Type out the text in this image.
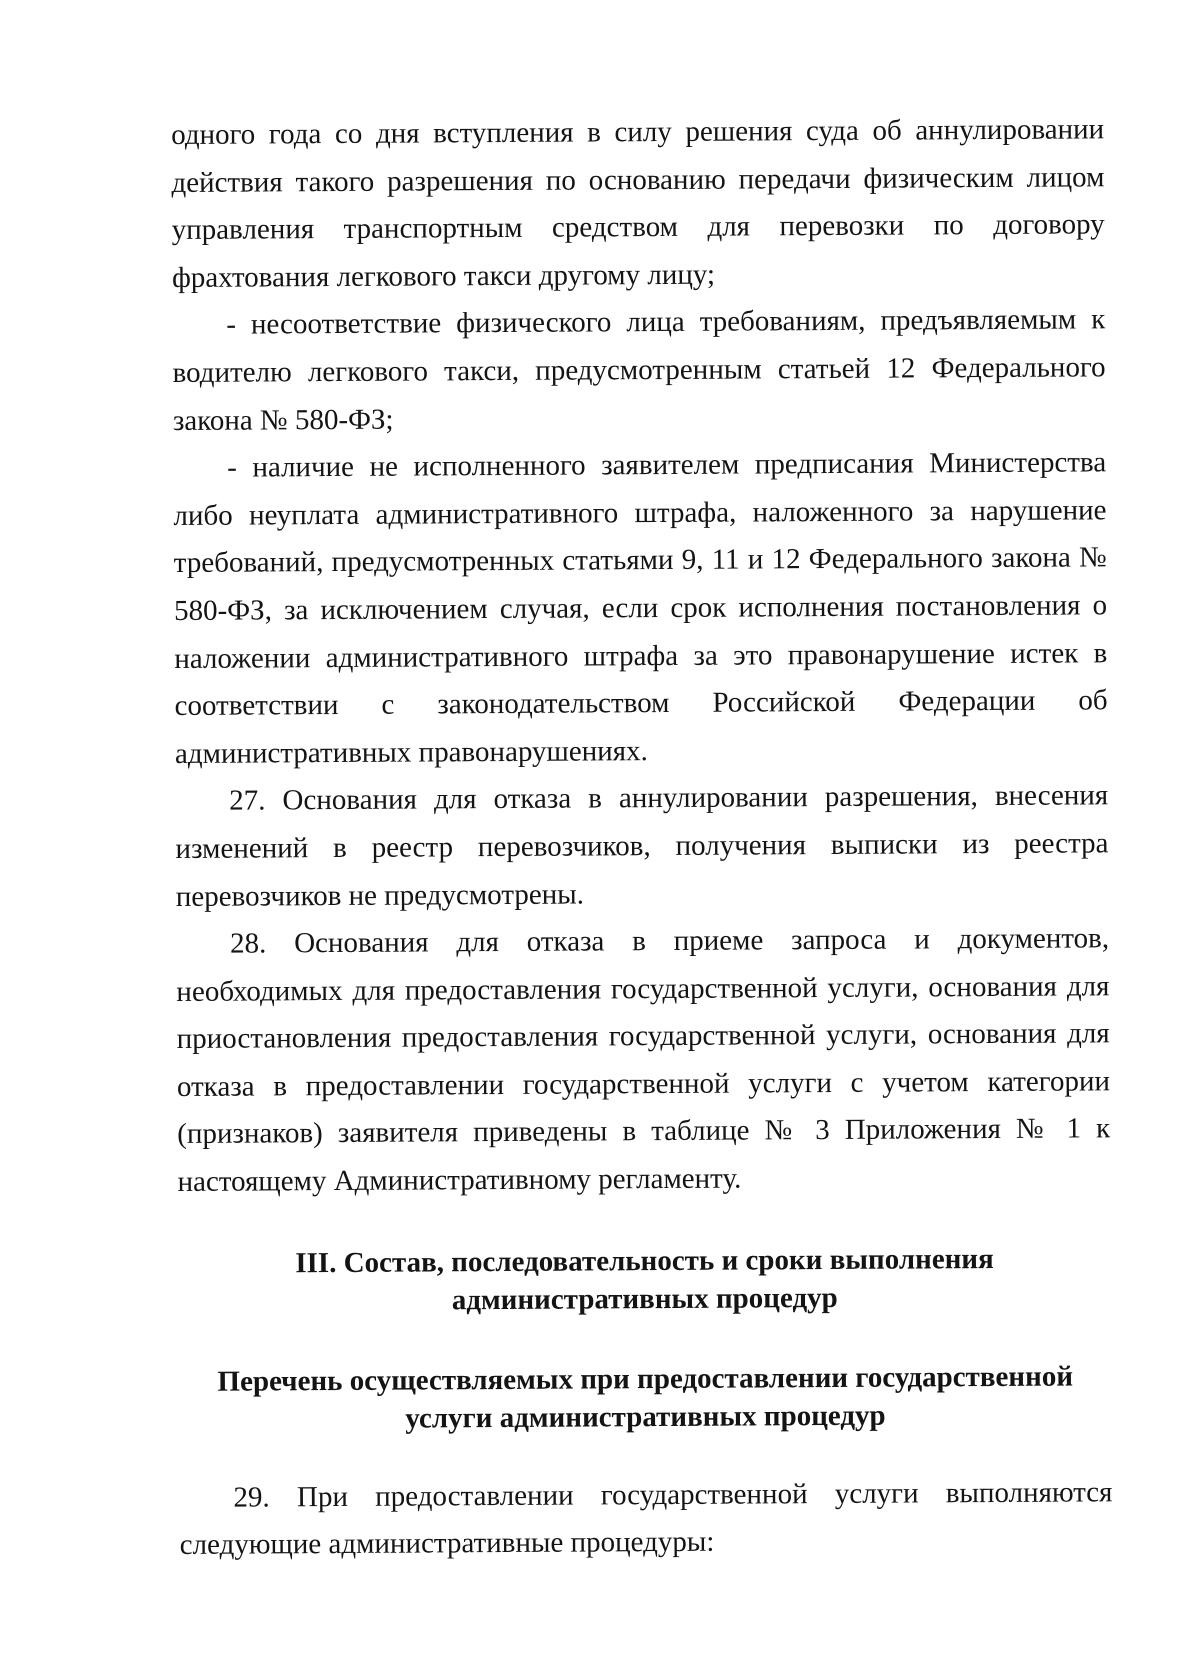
одного года со дня вступления в силу решения суда об аннулировании действия такого разрешения по основанию передачи физическим лицом управления транспортным средством для перевозки по договору фрахтования легкового такси другому лицу;

- несоответствие физического лица требованиям, предъявляемым к водителю легкового такси, предусмотренным статьей 12 Федерального закона № 580-ФЗ;

- наличие не исполненного заявителем предписания Министерства либо неуплата административного штрафа, наложенного за нарушение требований, предусмотренных статьями 9, 11 и 12 Федерального закона № 580-ФЗ, за исключением случая, если срок исполнения постановления о наложении административного штрафа за это правонарушение истек в соответствии с законодательством Российской Федерации об административных правонарушениях.

27. Основания для отказа в аннулировании разрешения, внесения изменений в реестр перевозчиков, получения выписки из реестра перевозчиков не предусмотрены.

28. Основания для отказа в приеме запроса и документов, необходимых для предоставления государственной услуги, основания для приостановления предоставления государственной услуги, основания для отказа в предоставлении государственной услуги с учетом категории (признаков) заявителя приведены в таблице № 3 Приложения № 1 к настоящему Административному регламенту.

III. Состав, последовательность и сроки выполнения
административных процедур
Перечень осуществляемых при предоставлении государственной
услуги административных процедур

29. При предоставлении государственной услуги выполняются следующие административные процедуры:
